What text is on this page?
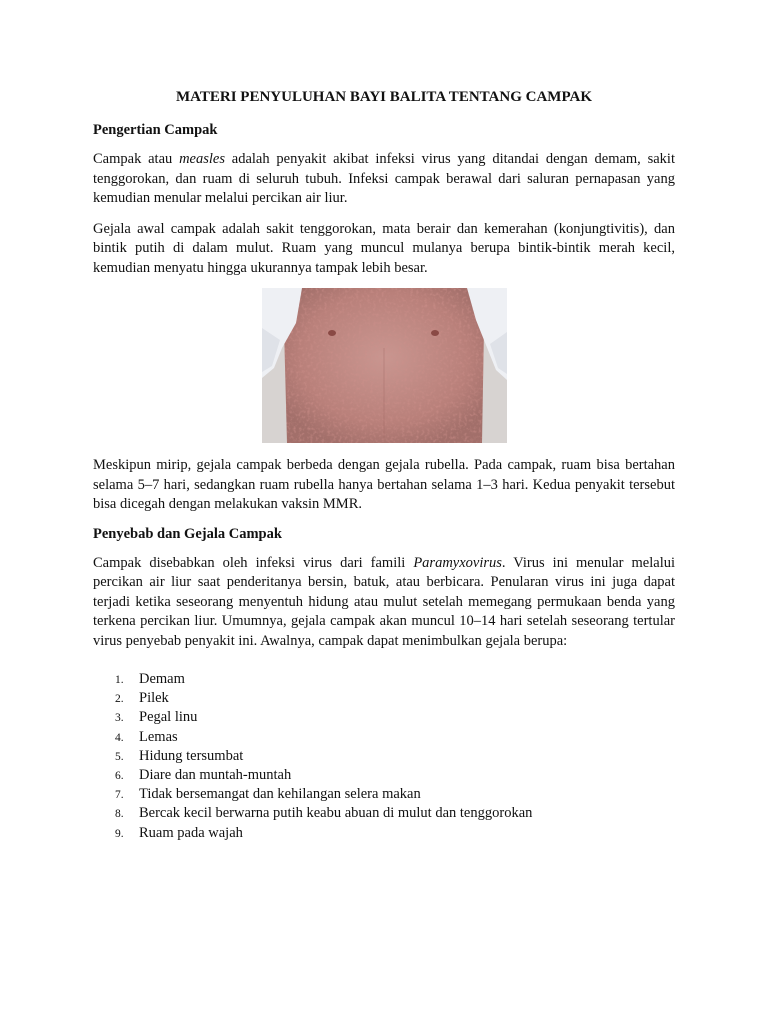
MATERI PENYULUHAN BAYI BALITA TENTANG CAMPAK
Pengertian Campak

Campak atau measles adalah penyakit akibat infeksi virus yang ditandai dengan demam, sakit tenggorokan, dan ruam di seluruh tubuh. Infeksi campak berawal dari saluran pernapasan yang kemudian menular melalui percikan air liur.

Gejala awal campak adalah sakit tenggorokan, mata berair dan kemerahan (konjungtivitis), dan bintik putih di dalam mulut. Ruam yang muncul mulanya berupa bintik-bintik merah kecil, kemudian menyatu hingga ukurannya tampak lebih besar.

Meskipun mirip, gejala campak berbeda dengan gejala rubella. Pada campak, ruam bisa bertahan selama 5–7 hari, sedangkan ruam rubella hanya bertahan selama 1–3 hari. Kedua penyakit tersebut bisa dicegah dengan melakukan vaksin MMR.

Penyebab dan Gejala Campak

Campak disebabkan oleh infeksi virus dari famili Paramyxovirus. Virus ini menular melalui percikan air liur saat penderitanya bersin, batuk, atau berbicara. Penularan virus ini juga dapat terjadi ketika seseorang menyentuh hidung atau mulut setelah memegang permukaan benda yang terkena percikan liur. Umumnya, gejala campak akan muncul 10–14 hari setelah seseorang tertular virus penyebab penyakit ini. Awalnya, campak dapat menimbulkan gejala berupa:

1. Demam
2. Pilek
3. Pegal linu
4. Lemas
5. Hidung tersumbat
6. Diare dan muntah-muntah
7. Tidak bersemangat dan kehilangan selera makan
8. Bercak kecil berwarna putih keabu abuan di mulut dan tenggorokan
9. Ruam pada wajah
